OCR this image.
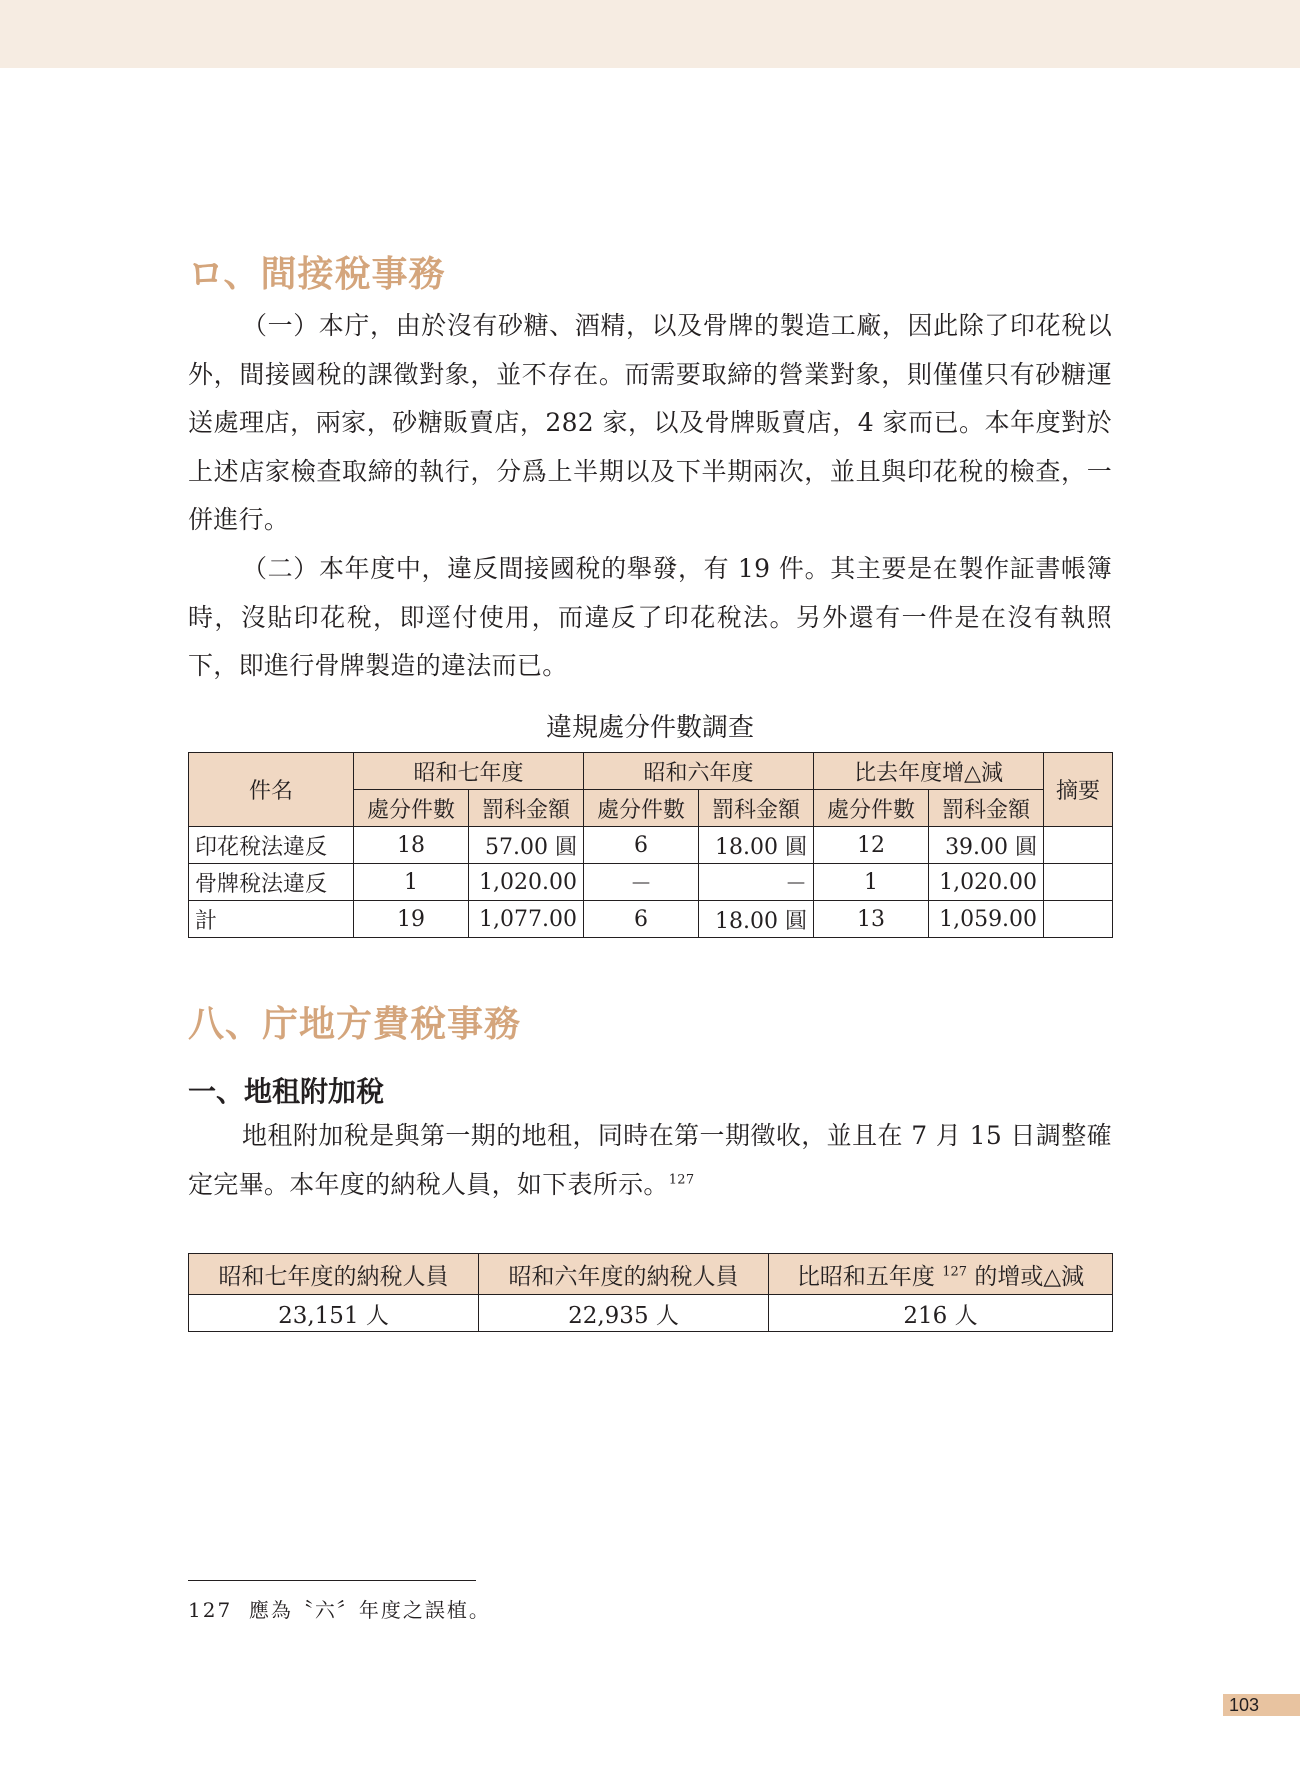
ロ、間接稅事務

（一）本庁，由於沒有砂糖、酒精，以及骨牌的製造工廠，因此除了印花稅以外，間接國稅的課徵對象，並不存在。而需要取締的營業對象，則僅僅只有砂糖運送處理店，兩家，砂糖販賣店，282 家，以及骨牌販賣店，4 家而已。本年度對於上述店家檢查取締的執行，分爲上半期以及下半期兩次，並且與印花稅的檢查，一併進行。

（二）本年度中，違反間接國稅的舉發，有 19 件。其主要是在製作証書帳簿時，沒貼印花稅，即逕付使用，而違反了印花稅法。另外還有一件是在沒有執照下，即進行骨牌製造的違法而已。

違規處分件數調查
件名	昭和七年度		昭和六年度		比去年度增△減		摘要
	處分件數	罰科金額	處分件數	罰科金額	處分件數	罰科金額	
印花稅法違反	18	57.00 圓	6	18.00 圓	12	39.00 圓	
骨牌稅法違反	1	1,020.00	－	－	1	1,020.00	
計	19	1,077.00	6	18.00 圓	13	1,059.00	
八、庁地方費稅事務
一、地租附加稅

地租附加稅是與第一期的地租，同時在第一期徵收，並且在 7 月 15 日調整確定完畢。本年度的納稅人員，如下表所示。$^{127}$

昭和七年度的納稅人員	昭和六年度的納稅人員	比昭和五年度 $^{127}$ 的增或△減
23,151 人	22,935 人	216 人

127 應為〝六〞年度之誤植。

103
